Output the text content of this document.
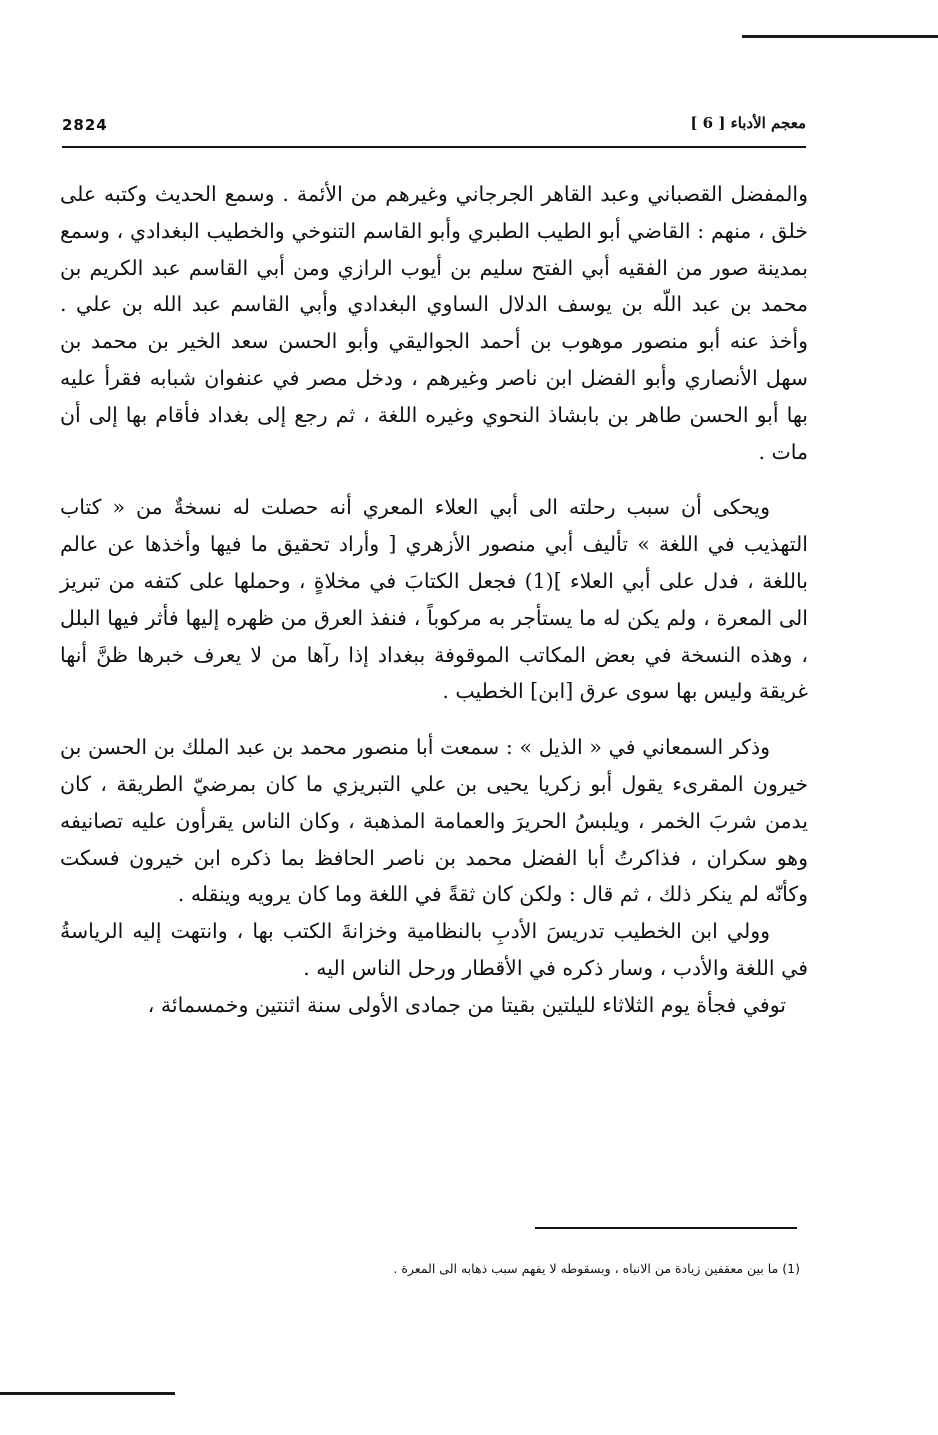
2824	معجم الأدباء [ 6 ]

والمفضل القصباني وعبد القاهر الجرجاني وغيرهم من الأئمة . وسمع الحديث وكتبه على خلق ، منهم : القاضي أبو الطيب الطبري وأبو القاسم التنوخي والخطيب البغدادي ، وسمع بمدينة صور من الفقيه أبي الفتح سليم بن أيوب الرازي ومن أبي القاسم عبد الكريم بن محمد بن عبد اللّه بن يوسف الدلال الساوي البغدادي وأبي القاسم عبد الله بن علي . وأخذ عنه أبو منصور موهوب بن أحمد الجواليقي وأبو الحسن سعد الخير بن محمد بن سهل الأنصاري وأبو الفضل ابن ناصر وغيرهم ، ودخل مصر في عنفوان شبابه فقرأ عليه بها أبو الحسن طاهر بن بابشاذ النحوي وغيره اللغة ، ثم رجع إلى بغداد فأقام بها إلى أن مات .

ويحكى أن سبب رحلته الى أبي العلاء المعري أنه حصلت له نسخةٌ من « كتاب التهذيب في اللغة » تأليف أبي منصور الأزهري [ وأراد تحقيق ما فيها وأخذها عن عالم باللغة ، فدل على أبي العلاء ](1) فجعل الكتابَ في مخلاةٍ ، وحملها على كتفه من تبريز الى المعرة ، ولم يكن له ما يستأجر به مركوباً ، فنفذ العرق من ظهره إليها فأثر فيها البلل ، وهذه النسخة في بعض المكاتب الموقوفة ببغداد إذا رآها من لا يعرف خبرها ظنَّ أنها غريقة وليس بها سوى عرق [ابن] الخطيب .

وذكر السمعاني في « الذيل » : سمعت أبا منصور محمد بن عبد الملك بن الحسن بن خيرون المقرىء يقول أبو زكريا يحيى بن علي التبريزي ما كان بمرضيّ الطريقة ، كان يدمن شربَ الخمر ، ويلبسُ الحريرَ والعمامة المذهبة ، وكان الناس يقرأون عليه تصانيفه وهو سكران ، فذاكرتُ أبا الفضل محمد بن ناصر الحافظ بما ذكره ابن خيرون فسكت وكأنّه لم ينكر ذلك ، ثم قال : ولكن كان ثقةً في اللغة وما كان يرويه وينقله .

وولي ابن الخطيب تدريسَ الأدبِ بالنظامية وخزانةَ الكتب بها ، وانتهت إليه الرياسةُ في اللغة والأدب ، وسار ذكره في الأقطار ورحل الناس اليه .

توفي فجأة يوم الثلاثاء لليلتين بقيتا من جمادى الأولى سنة اثنتين وخمسمائة ،

(1) ما بين معقفين زيادة من الانباه ، وبسقوطه لا يفهم سبب ذهابه الى المعرة .
